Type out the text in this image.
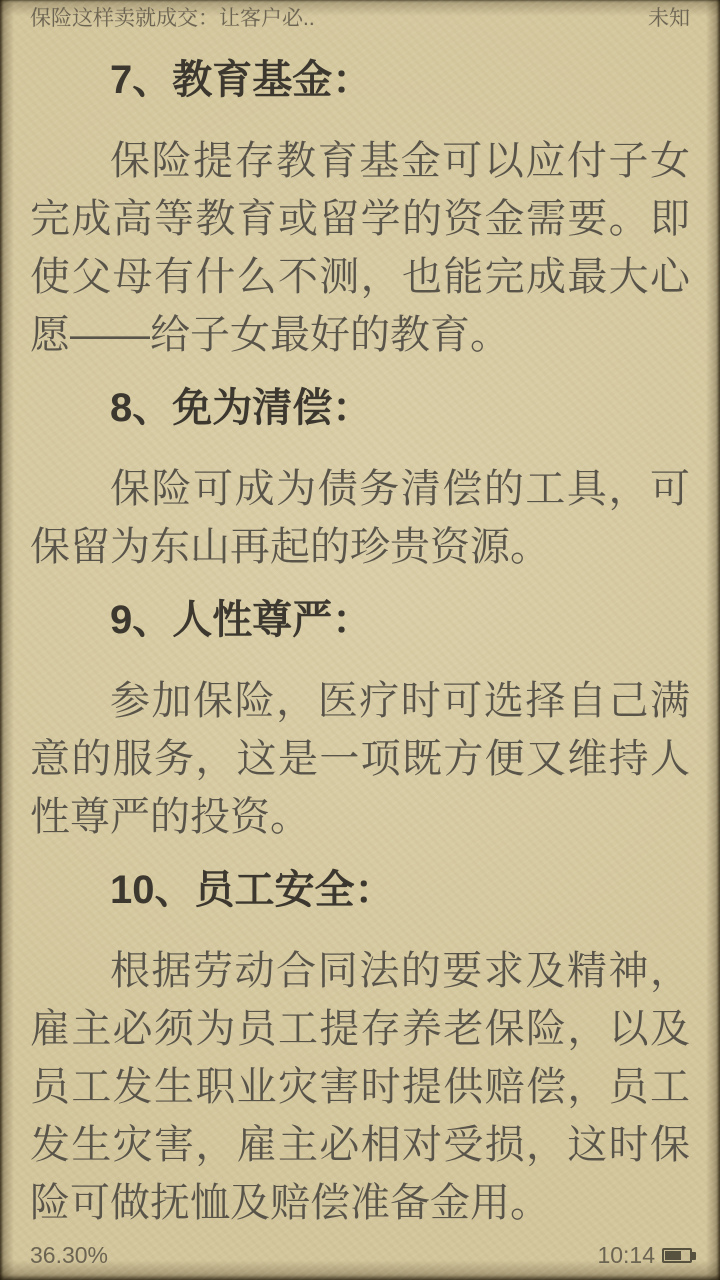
保险这样卖就成交：让客户必..	未知

7、教育基金：

保险提存教育基金可以应付子女完成高等教育或留学的资金需要。即使父母有什么不测，也能完成最大心愿——给子女最好的教育。

8、免为清偿：

保险可成为债务清偿的工具，可保留为东山再起的珍贵资源。

9、人性尊严：

参加保险，医疗时可选择自己满意的服务，这是一项既方便又维持人性尊严的投资。

10、员工安全：

根据劳动合同法的要求及精神，雇主必须为员工提存养老保险，以及员工发生职业灾害时提供赔偿，员工发生灾害，雇主必相对受损，这时保险可做抚恤及赔偿准备金用。

36.30%	10:14
